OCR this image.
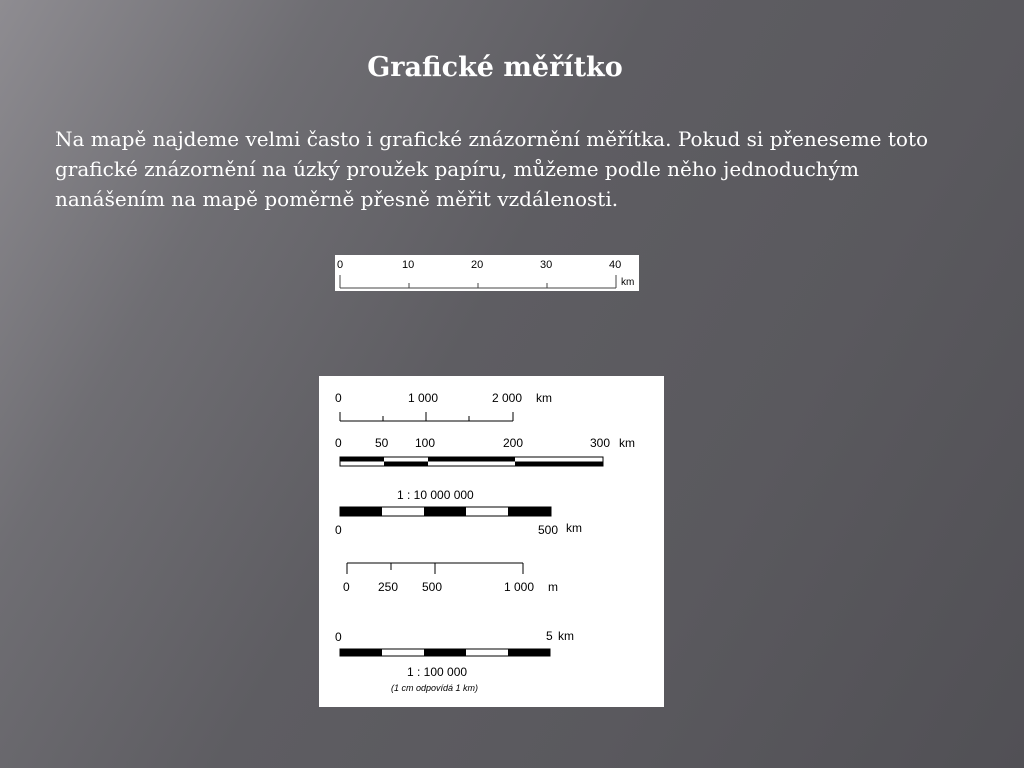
Grafické měřítko
Na mapě najdeme velmi často i grafické znázornění měřítka. Pokud si přeneseme toto grafické znázornění na úzký proužek papíru, můžeme podle něho jednoduchým nanášením na mapě poměrně přesně měřit vzdálenosti.
0	10	20	30	40
km
0	1 000	2 000 km
0	50 100	200	300 km
1 : 10 000 000
0	500 km
0 250 500	1 000 m
0	5 km
1 : 100 000
(1 cm odpovídá 1 km)
